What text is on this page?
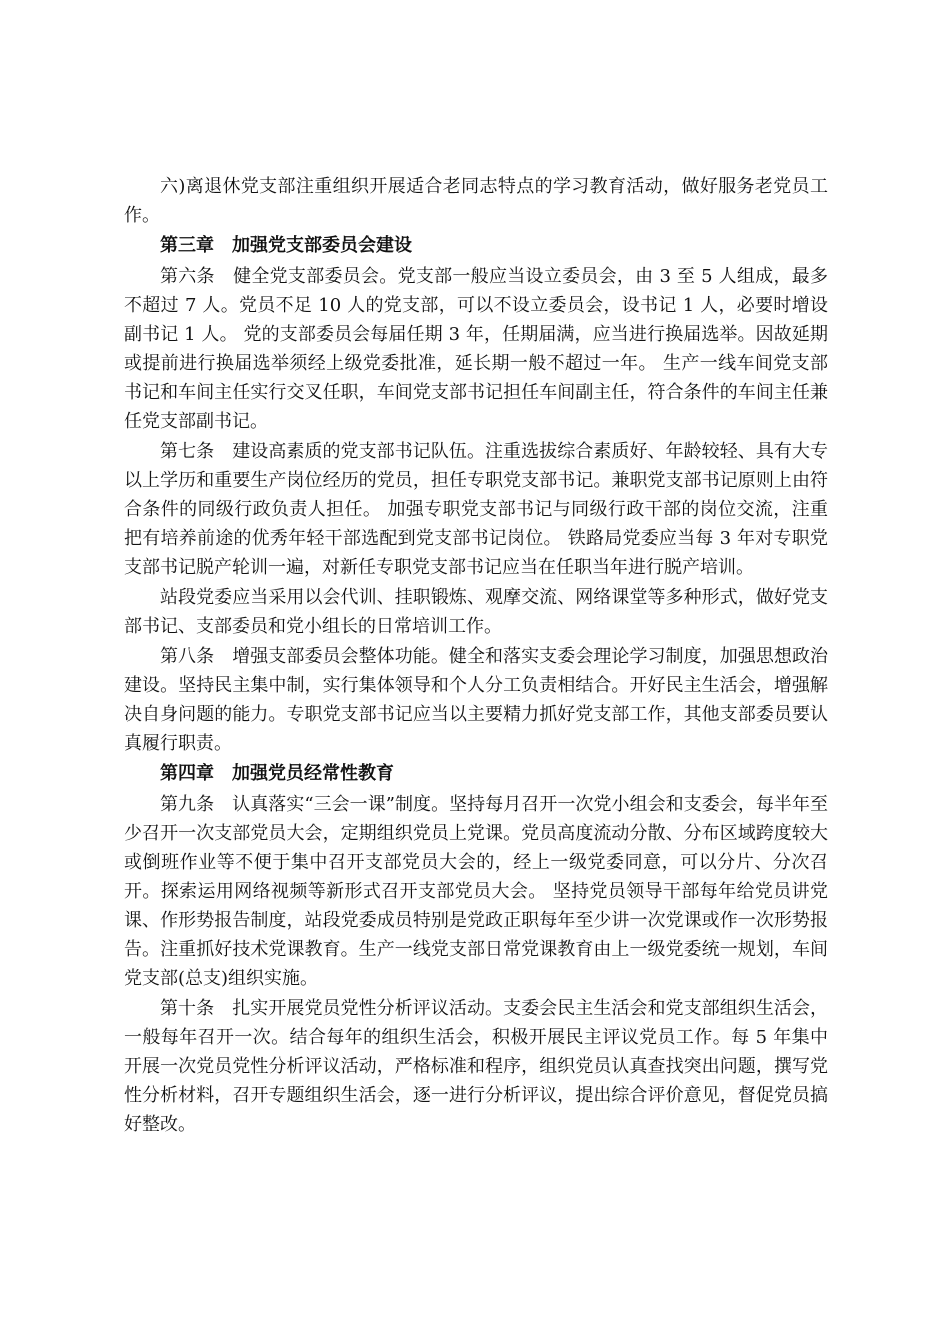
六)离退休党支部注重组织开展适合老同志特点的学习教育活动，做好服务老党员工作。

第三章　加强党支部委员会建设

第六条　健全党支部委员会。党支部一般应当设立委员会，由 3 至 5 人组成，最多不超过 7 人。党员不足 10 人的党支部，可以不设立委员会，设书记 1 人，必要时增设副书记 1 人。 党的支部委员会每届任期 3 年，任期届满，应当进行换届选举。因故延期或提前进行换届选举须经上级党委批准，延长期一般不超过一年。 生产一线车间党支部书记和车间主任实行交叉任职，车间党支部书记担任车间副主任，符合条件的车间主任兼任党支部副书记。

第七条　建设高素质的党支部书记队伍。注重选拔综合素质好、年龄较轻、具有大专以上学历和重要生产岗位经历的党员，担任专职党支部书记。兼职党支部书记原则上由符合条件的同级行政负责人担任。 加强专职党支部书记与同级行政干部的岗位交流，注重把有培养前途的优秀年轻干部选配到党支部书记岗位。 铁路局党委应当每 3 年对专职党支部书记脱产轮训一遍，对新任专职党支部书记应当在任职当年进行脱产培训。

站段党委应当采用以会代训、挂职锻炼、观摩交流、网络课堂等多种形式，做好党支部书记、支部委员和党小组长的日常培训工作。

第八条　增强支部委员会整体功能。健全和落实支委会理论学习制度，加强思想政治建设。坚持民主集中制，实行集体领导和个人分工负责相结合。开好民主生活会，增强解决自身问题的能力。专职党支部书记应当以主要精力抓好党支部工作，其他支部委员要认真履行职责。

第四章　加强党员经常性教育

第九条　认真落实“三会一课”制度。坚持每月召开一次党小组会和支委会，每半年至少召开一次支部党员大会，定期组织党员上党课。党员高度流动分散、分布区域跨度较大或倒班作业等不便于集中召开支部党员大会的，经上一级党委同意，可以分片、分次召开。探索运用网络视频等新形式召开支部党员大会。 坚持党员领导干部每年给党员讲党课、作形势报告制度，站段党委成员特别是党政正职每年至少讲一次党课或作一次形势报告。注重抓好技术党课教育。生产一线党支部日常党课教育由上一级党委统一规划，车间党支部(总支)组织实施。

第十条　扎实开展党员党性分析评议活动。支委会民主生活会和党支部组织生活会，一般每年召开一次。结合每年的组织生活会，积极开展民主评议党员工作。每 5 年集中开展一次党员党性分析评议活动，严格标准和程序，组织党员认真查找突出问题，撰写党性分析材料，召开专题组织生活会，逐一进行分析评议，提出综合评价意见，督促党员搞好整改。
